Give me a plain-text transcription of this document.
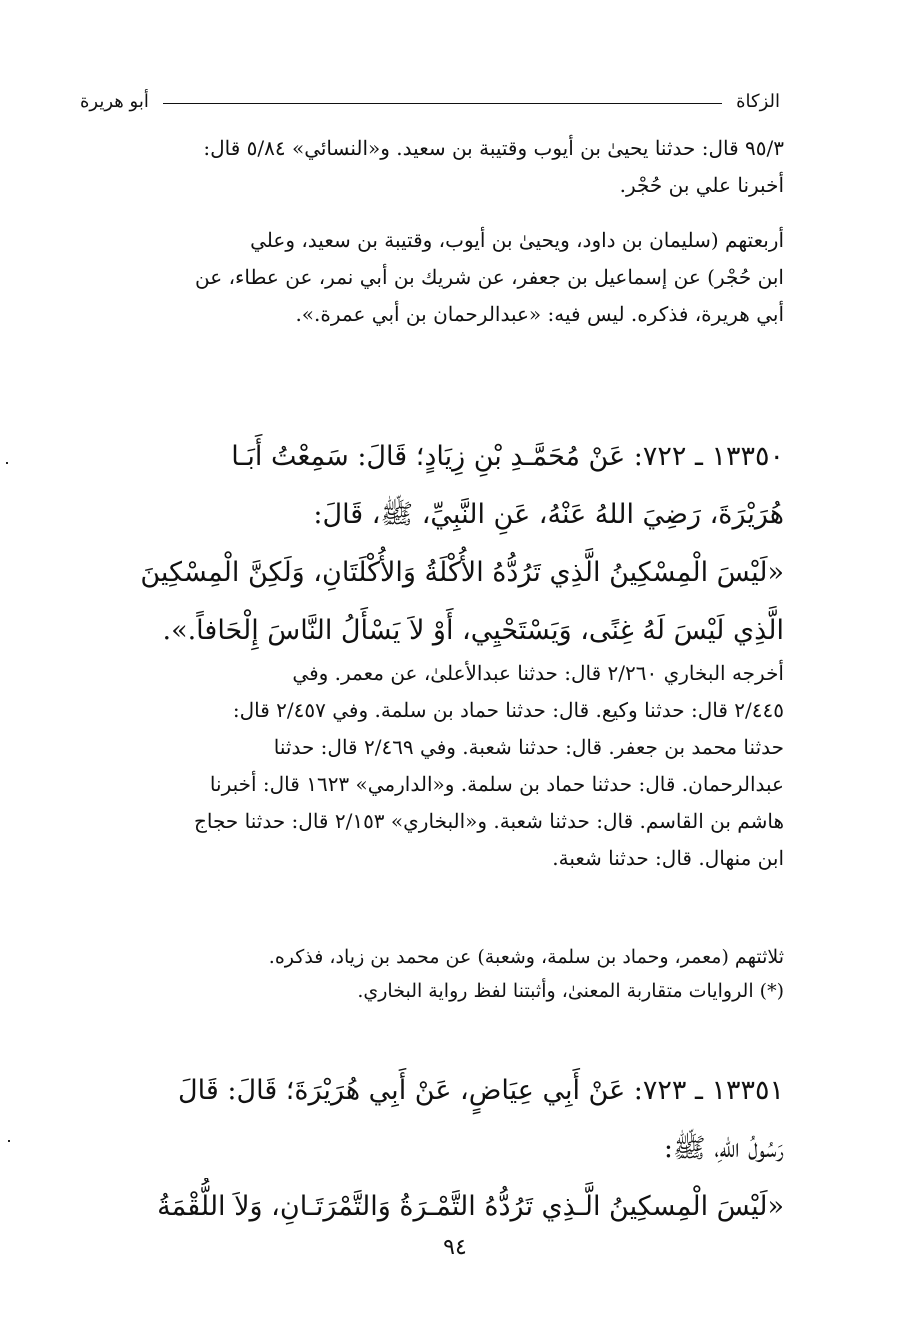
الزكاة
أبو هريرة
٩٥/٣ قال: حدثنا يحيىٰ بن أيوب وقتيبة بن سعيد. و«النسائي» ٥/٨٤ قال:
أخبرنا علي بن حُجْر.
أربعتهم (سليمان بن داود، ويحيىٰ بن أيوب، وقتيبة بن سعيد، وعلي
ابن حُجْر) عن إسماعيل بن جعفر، عن شريك بن أبي نمر، عن عطاء، عن
أبي هريرة، فذكره. ليس فيه: «عبدالرحمان بن أبي عمرة.».
١٣٣٥٠ ـ ٧٢٢: عَنْ مُحَمَّـدِ بْنِ زِيَادٍ؛ قَالَ: سَمِعْتُ أَبَـا
هُرَيْرَةَ، رَضِيَ اللهُ عَنْهُ، عَنِ النَّبِيِّ، ﷺ، قَالَ:
«لَيْسَ الْمِسْكِينُ الَّذِي تَرُدُّهُ الأُكْلَةُ وَالأُكْلَتَانِ، وَلَكِنَّ الْمِسْكِينَ
الَّذِي لَيْسَ لَهُ غِنًى، وَيَسْتَحْيِي، أَوْ لاَ يَسْأَلُ النَّاسَ إِلْحَافاً.».
أخرجه البخاري ٢/٢٦٠ قال: حدثنا عبدالأعلىٰ، عن معمر. وفي
٢/٤٤٥ قال: حدثنا وكيع. قال: حدثنا حماد بن سلمة. وفي ٢/٤٥٧ قال:
حدثنا محمد بن جعفر. قال: حدثنا شعبة. وفي ٢/٤٦٩ قال: حدثنا
عبدالرحمان. قال: حدثنا حماد بن سلمة. و«الدارمي» ١٦٢٣ قال: أخبرنا
هاشم بن القاسم. قال: حدثنا شعبة. و«البخاري» ٢/١٥٣ قال: حدثنا حجاج
ابن منهال. قال: حدثنا شعبة.
ثلاثتهم (معمر، وحماد بن سلمة، وشعبة) عن محمد بن زياد، فذكره.
(*) الروايات متقاربة المعنىٰ، وأثبتنا لفظ رواية البخاري.
١٣٣٥١ ـ ٧٢٣: عَنْ أَبِي عِيَاضٍ، عَنْ أَبِي هُرَيْرَةَ؛ قَالَ: قَالَ
رَسُولُ اللهِ، ﷺ:
«لَيْسَ الْمِسكِينُ الَّـذِي تَرُدُّهُ التَّمْـرَةُ وَالتَّمْرَتَـانِ، وَلاَ اللُّقْمَةُ
٩٤
